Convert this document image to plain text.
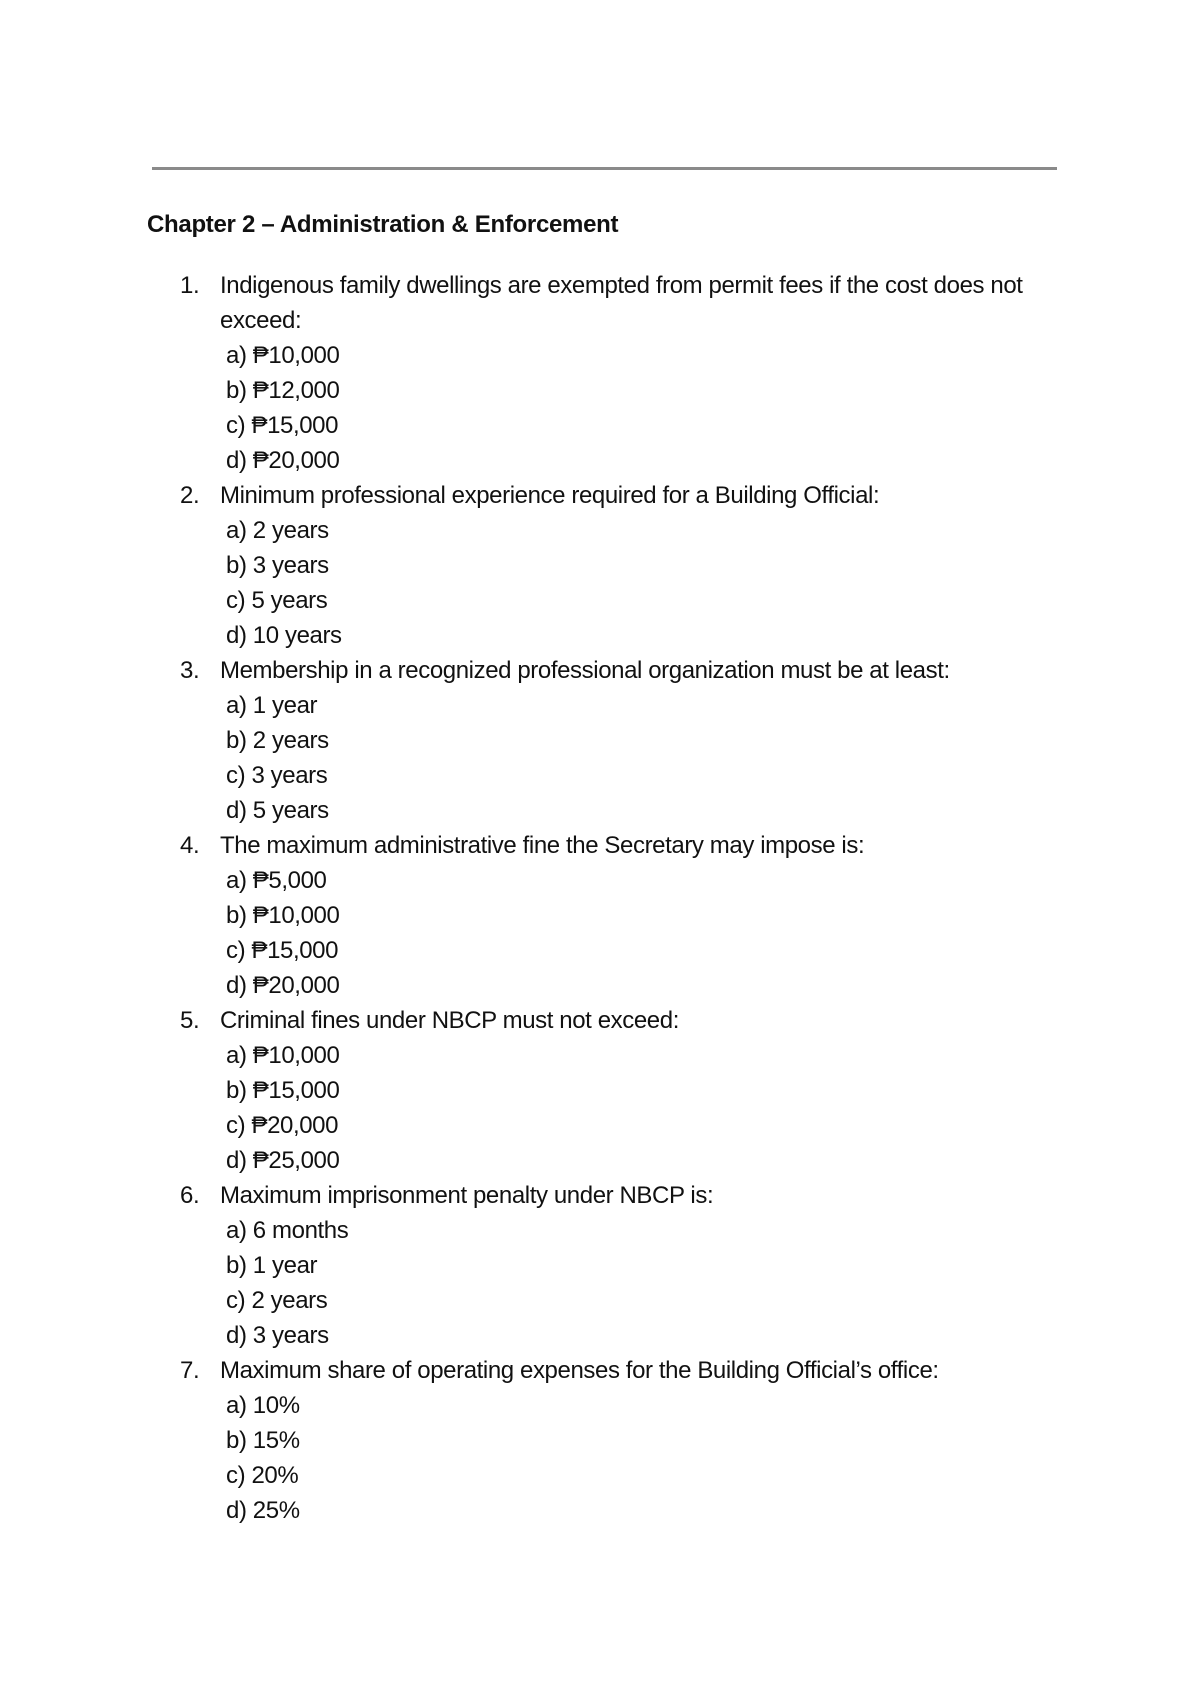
Chapter 2 – Administration & Enforcement
1. Indigenous family dwellings are exempted from permit fees if the cost does not exceed:
a) ₱10,000
b) ₱12,000
c) ₱15,000
d) ₱20,000
2. Minimum professional experience required for a Building Official:
a) 2 years
b) 3 years
c) 5 years
d) 10 years
3. Membership in a recognized professional organization must be at least:
a) 1 year
b) 2 years
c) 3 years
d) 5 years
4. The maximum administrative fine the Secretary may impose is:
a) ₱5,000
b) ₱10,000
c) ₱15,000
d) ₱20,000
5. Criminal fines under NBCP must not exceed:
a) ₱10,000
b) ₱15,000
c) ₱20,000
d) ₱25,000
6. Maximum imprisonment penalty under NBCP is:
a) 6 months
b) 1 year
c) 2 years
d) 3 years
7. Maximum share of operating expenses for the Building Official’s office:
a) 10%
b) 15%
c) 20%
d) 25%
